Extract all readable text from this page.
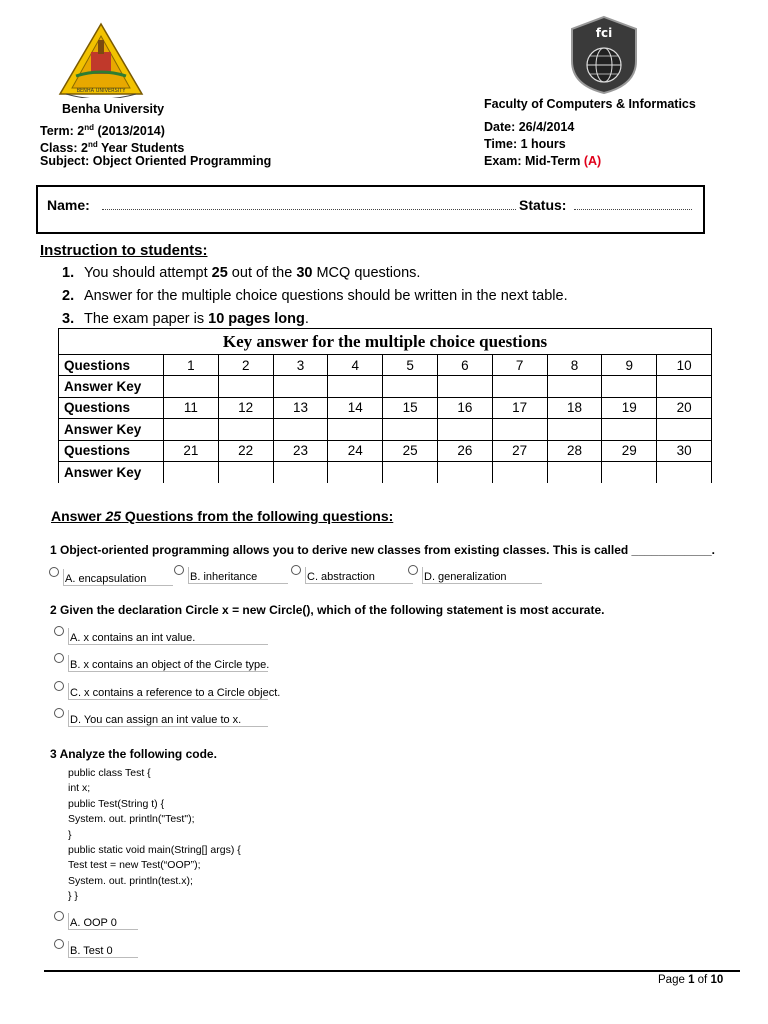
BENHA UNIVERSITY
fci
Benha University
Term: 2nd (2013/2014)
Class: 2nd Year Students
Subject: Object Oriented Programming
Faculty of Computers & Informatics
Date: 26/4/2014
Time: 1 hours
Exam: Mid-Term (A)
Name:	Status:
Instruction to students:
1. You should attempt 25 out of the 30 MCQ questions.
2. Answer for the multiple choice questions should be written in the next table.
3. The exam paper is 10 pages long.
Key answer for the multiple choice questions										
Questions	1	2	3	4	5	6	7	8	9	10
Answer Key										
Questions	11	12	13	14	15	16	17	18	19	20
Answer Key										
Questions	21	22	23	24	25	26	27	28	29	30
Answer Key										
Answer 25 Questions from the following questions:
1 Object-oriented programming allows you to derive new classes from existing classes. This is called ____________.
A. encapsulation	B. inheritance	C. abstraction	D. generalization
2 Given the declaration Circle x = new Circle(), which of the following statement is most accurate.
A. x contains an int value.
B. x contains an object of the Circle type.
C. x contains a reference to a Circle object.
D. You can assign an int value to x.
3 Analyze the following code.
public class Test {
int x;
public Test(String t) {
System. out. println("Test");
}
public static void main(String[] args) {
Test test = new Test(“OOP”);
System. out. println(test.x);
} }
A. OOP 0
B. Test 0
Page 1 of 10
